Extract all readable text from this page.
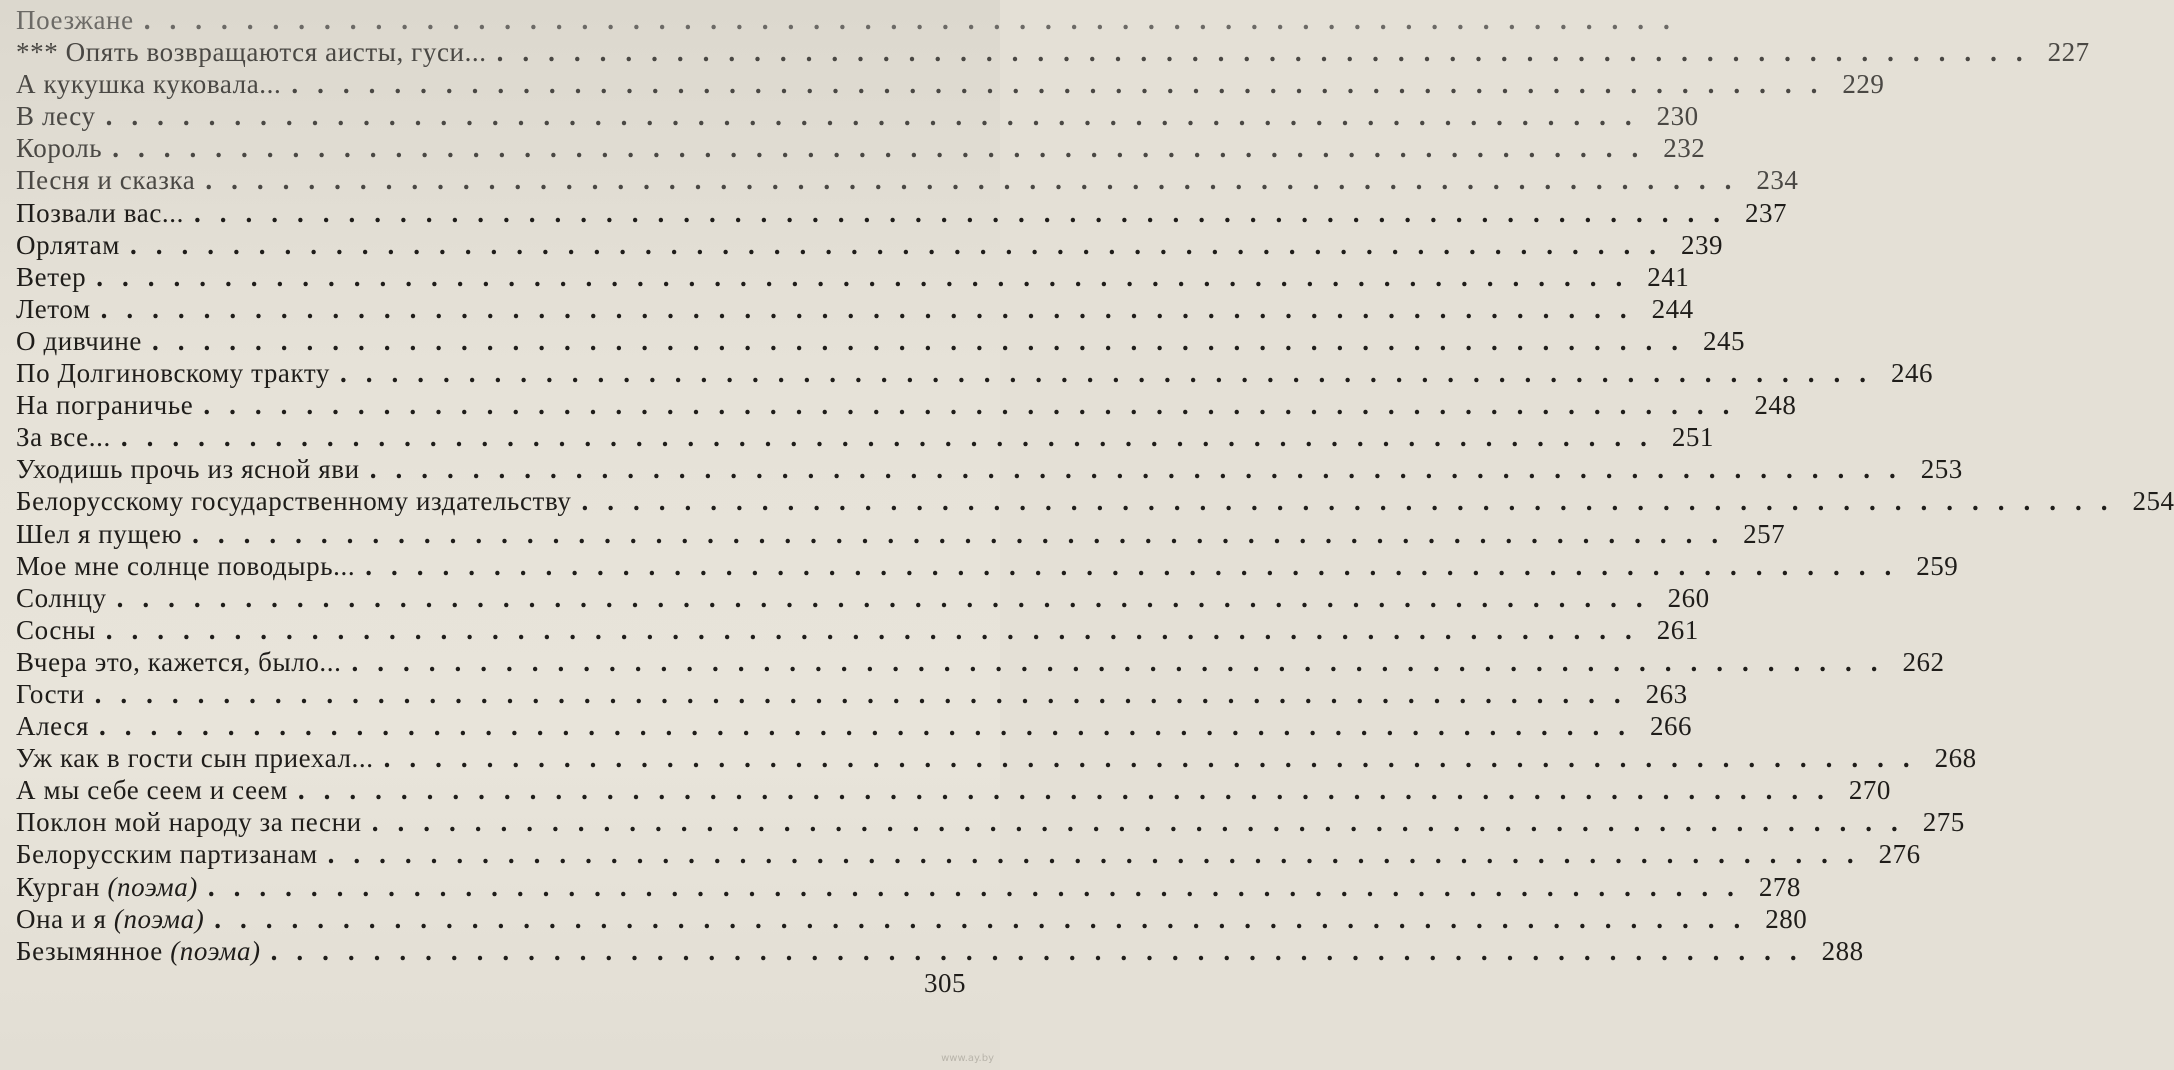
Поезжане ............................................................
*** Опять возвращаются аисты, гуси... ............................................................ 227
А кукушка куковала... ............................................................ 229
В лесу ............................................................ 230
Король ............................................................ 232
Песня и сказка ............................................................ 234
Позвали вас... ............................................................ 237
Орлятам ............................................................ 239
Ветер ............................................................ 241
Летом ............................................................ 244
О дивчине ............................................................ 245
По Долгиновскому тракту ............................................................ 246
На пограничье ............................................................ 248
За все... ............................................................ 251
Уходишь прочь из ясной яви ............................................................ 253
Белорусскому государственному издательству ............................................................ 254
Шел я пущею ............................................................ 257
Мое мне солнце поводырь... ............................................................ 259
Солнцу ............................................................ 260
Сосны ............................................................ 261
Вчера это, кажется, было... ............................................................ 262
Гости ............................................................ 263
Алеся ............................................................ 266
Уж как в гости сын приехал... ............................................................ 268
А мы себе сеем и сеем ............................................................ 270
Поклон мой народу за песни ............................................................ 275
Белорусским партизанам ............................................................ 276
Курган (поэма) ............................................................ 278
Она и я (поэма) ............................................................ 280
Безымянное (поэма) ............................................................ 288
305
www.ay.by
